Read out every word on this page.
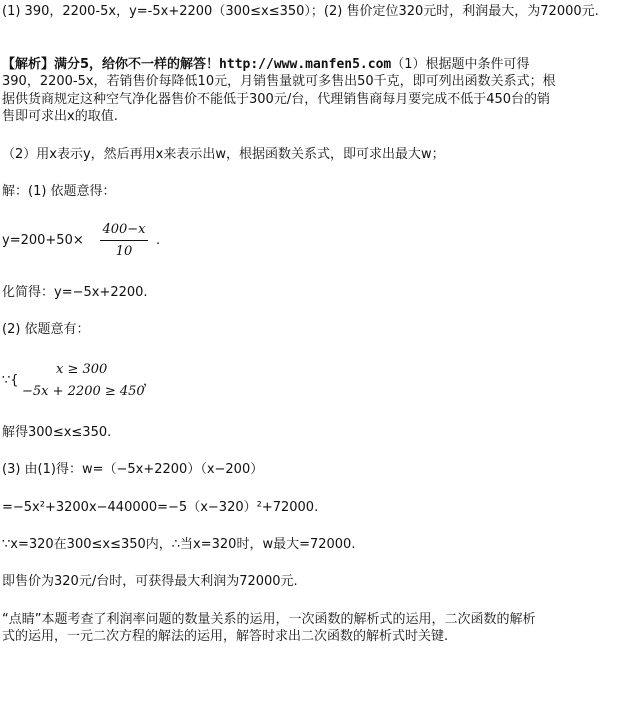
(1) 390，2200-5x，y=-5x+2200（300≤x≤350）；(2) 售价定位320元时，利润最大，为72000元.
【解析】满分5，给你不一样的解答！http://www.manfen5.com（1）根据题中条件可得
390，2200-5x，若销售价每降低10元，月销售量就可多售出50千克，即可列出函数关系式；根
据供货商规定这种空气净化器售价不能低于300元/台，代理销售商每月要完成不低于450台的销
售即可求出x的取值.
（2）用x表示y，然后再用x来表示出w，根据函数关系式，即可求出最大w；
解：(1) 依题意得：
y=200+50×
400−x
10
.
化简得：y=−5x+2200.
(2) 依题意有：
∵{
x ≥ 300
−5x + 2200 ≥ 450
，
解得300≤x≤350.
(3) 由(1)得：w=（−5x+2200）（x−200）
=−5x²+3200x−440000=−5（x−320）²+72000.
∵x=320在300≤x≤350内，∴当x=320时，w最大=72000.
即售价为320元/台时，可获得最大利润为72000元.
“点睛”本题考查了利润率问题的数量关系的运用，一次函数的解析式的运用，二次函数的解析
式的运用，一元二次方程的解法的运用，解答时求出二次函数的解析式时关键.
